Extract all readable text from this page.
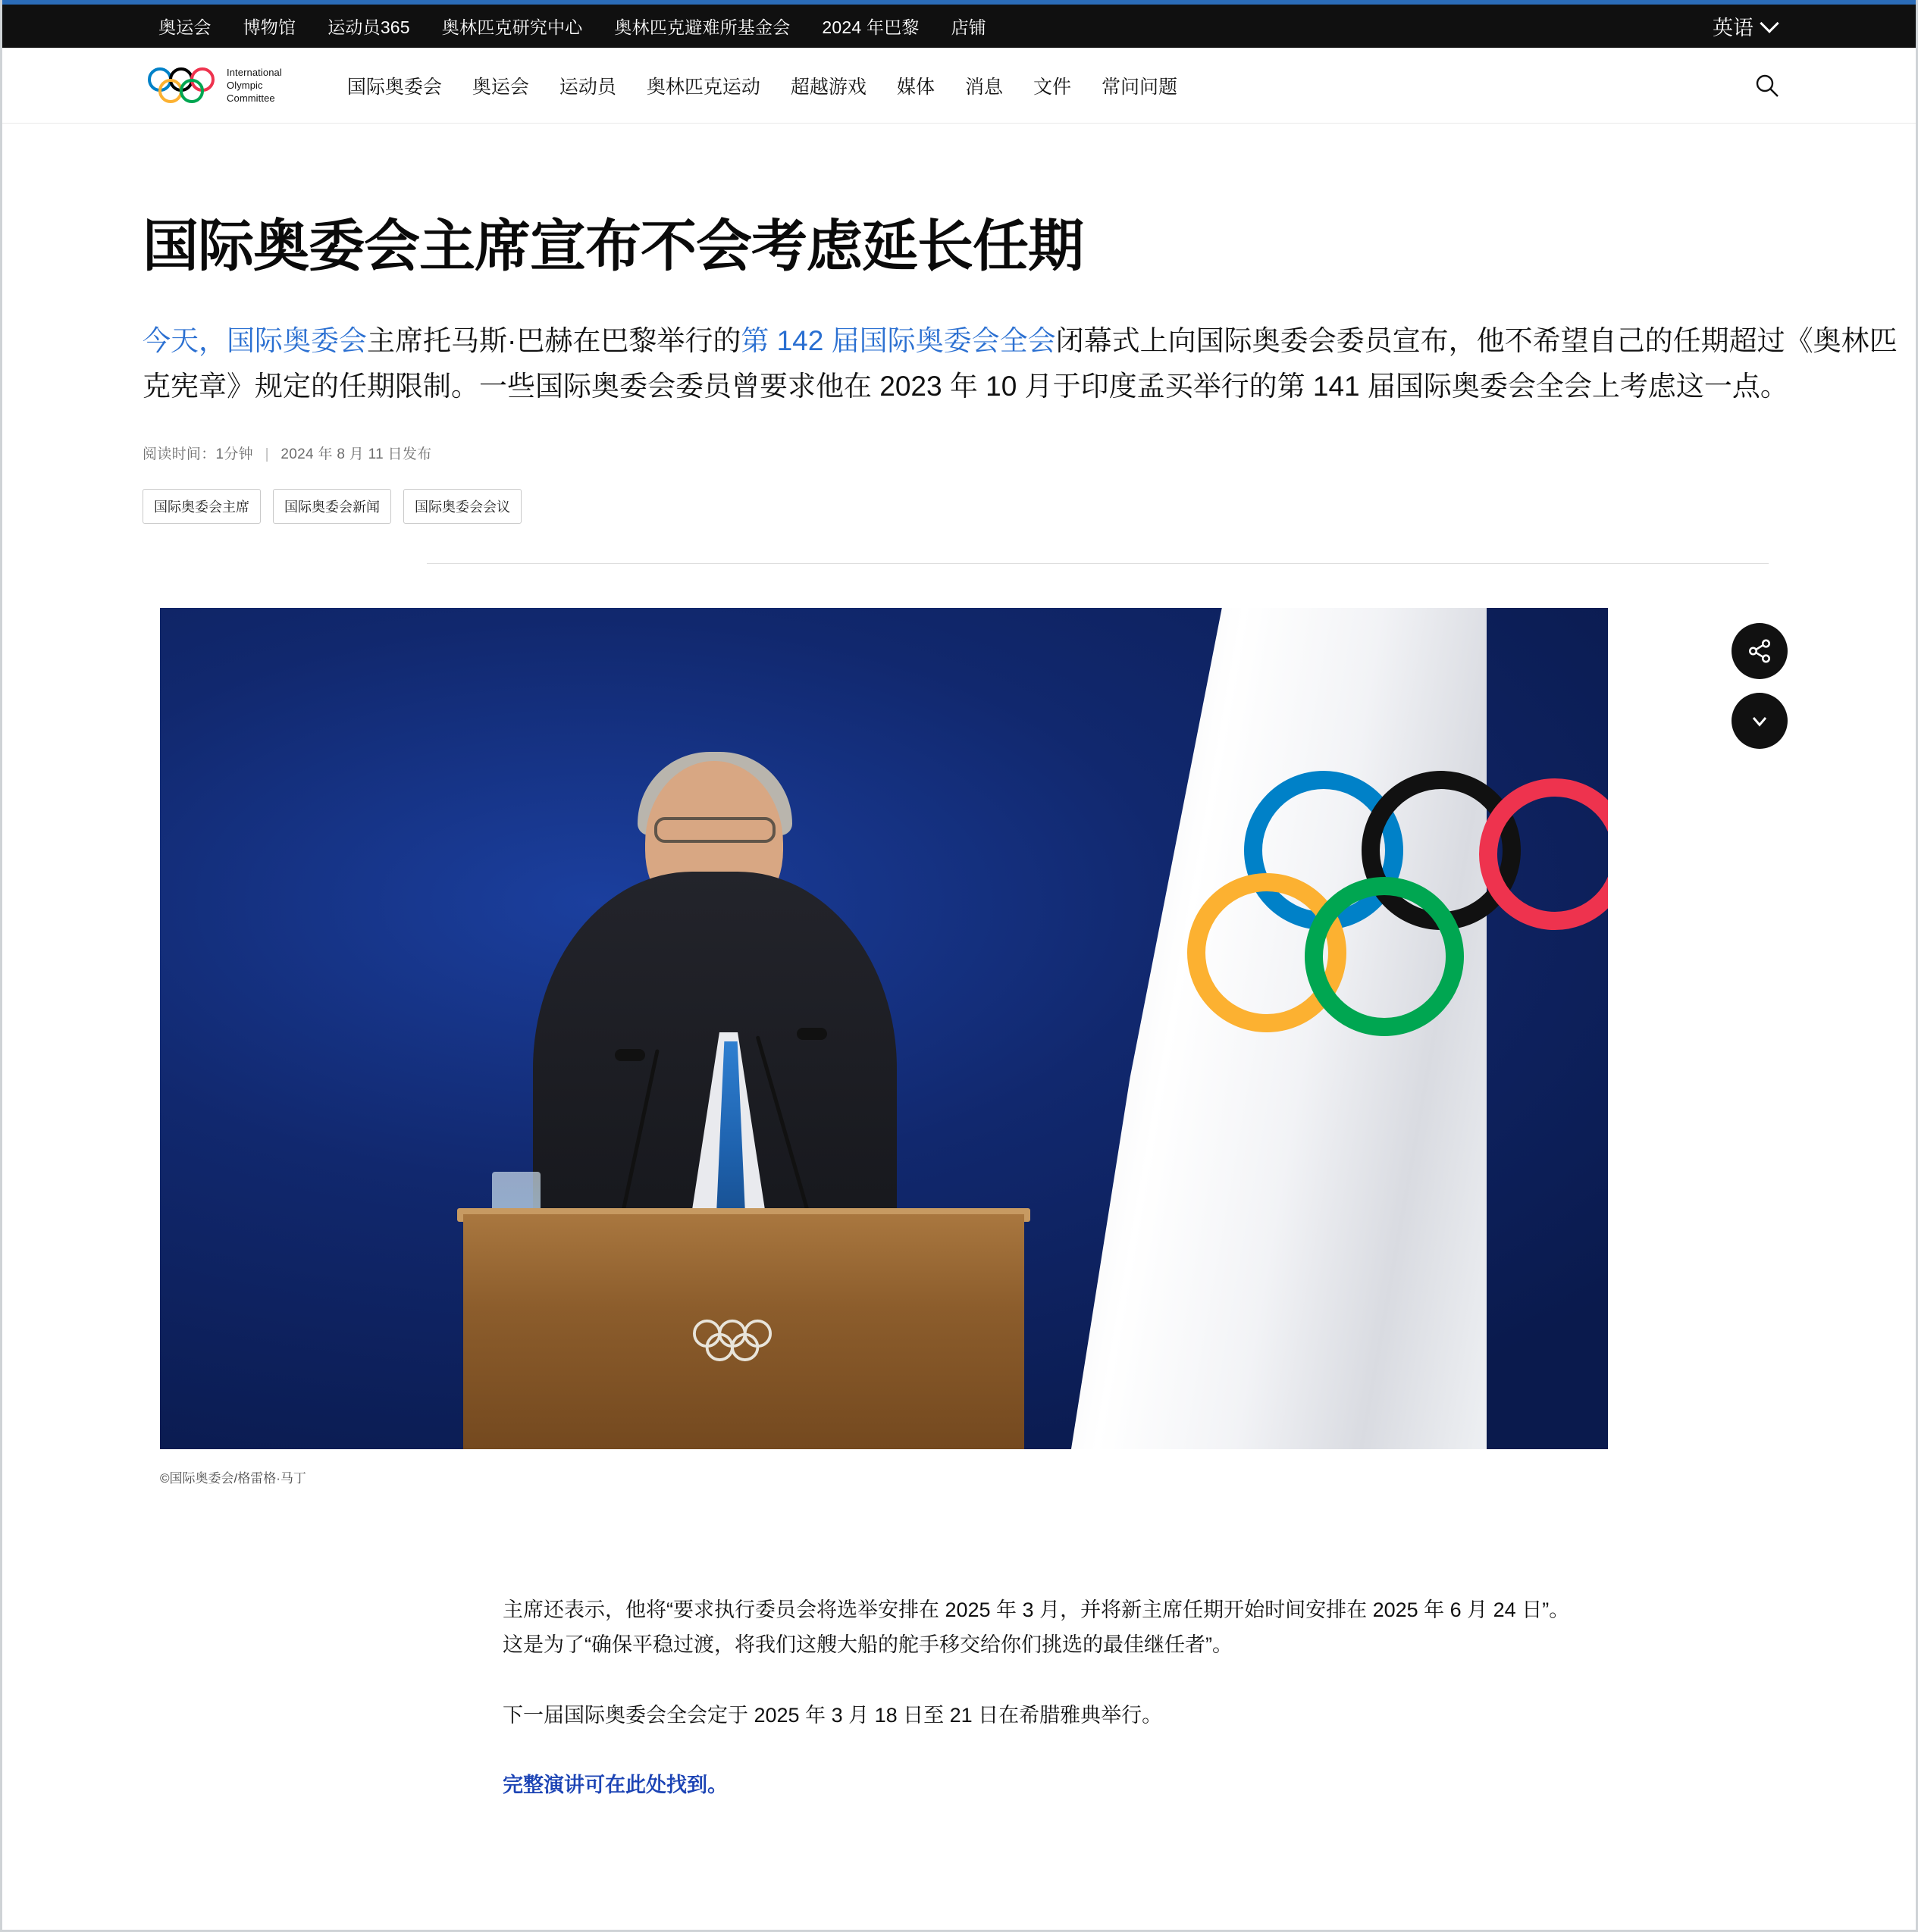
奥运会 博物馆 运动员365 奥林匹克研究中心 奥林匹克避难所基金会 2024 年巴黎 店铺	英语
International
Olympic
Committee
国际奥委会 奥运会 运动员 奥林匹克运动 超越游戏 媒体 消息 文件 常问问题
国际奥委会主席宣布不会考虑延长任期
今天，国际奥委会主席托马斯·巴赫在巴黎举行的第 142 届国际奥委会全会闭幕式上向国际奥委会委员宣布，他不希望自己的任期超过《奥林匹克宪章》规定的任期限制。一些国际奥委会委员曾要求他在 2023 年 10 月于印度孟买举行的第 141 届国际奥委会全会上考虑这一点。
阅读时间：1分钟 | 2024 年 8 月 11 日发布
国际奥委会主席	国际奥委会新闻	国际奥委会会议
©国际奥委会/格雷格·马丁

主席还表示，他将“要求执行委员会将选举安排在 2025 年 3 月，并将新主席任期开始时间安排在 2025 年 6 月 24 日”。这是为了“确保平稳过渡，将我们这艘大船的舵手移交给你们挑选的最佳继任者”。

下一届国际奥委会全会定于 2025 年 3 月 18 日至 21 日在希腊雅典举行。

完整演讲可在此处找到。
